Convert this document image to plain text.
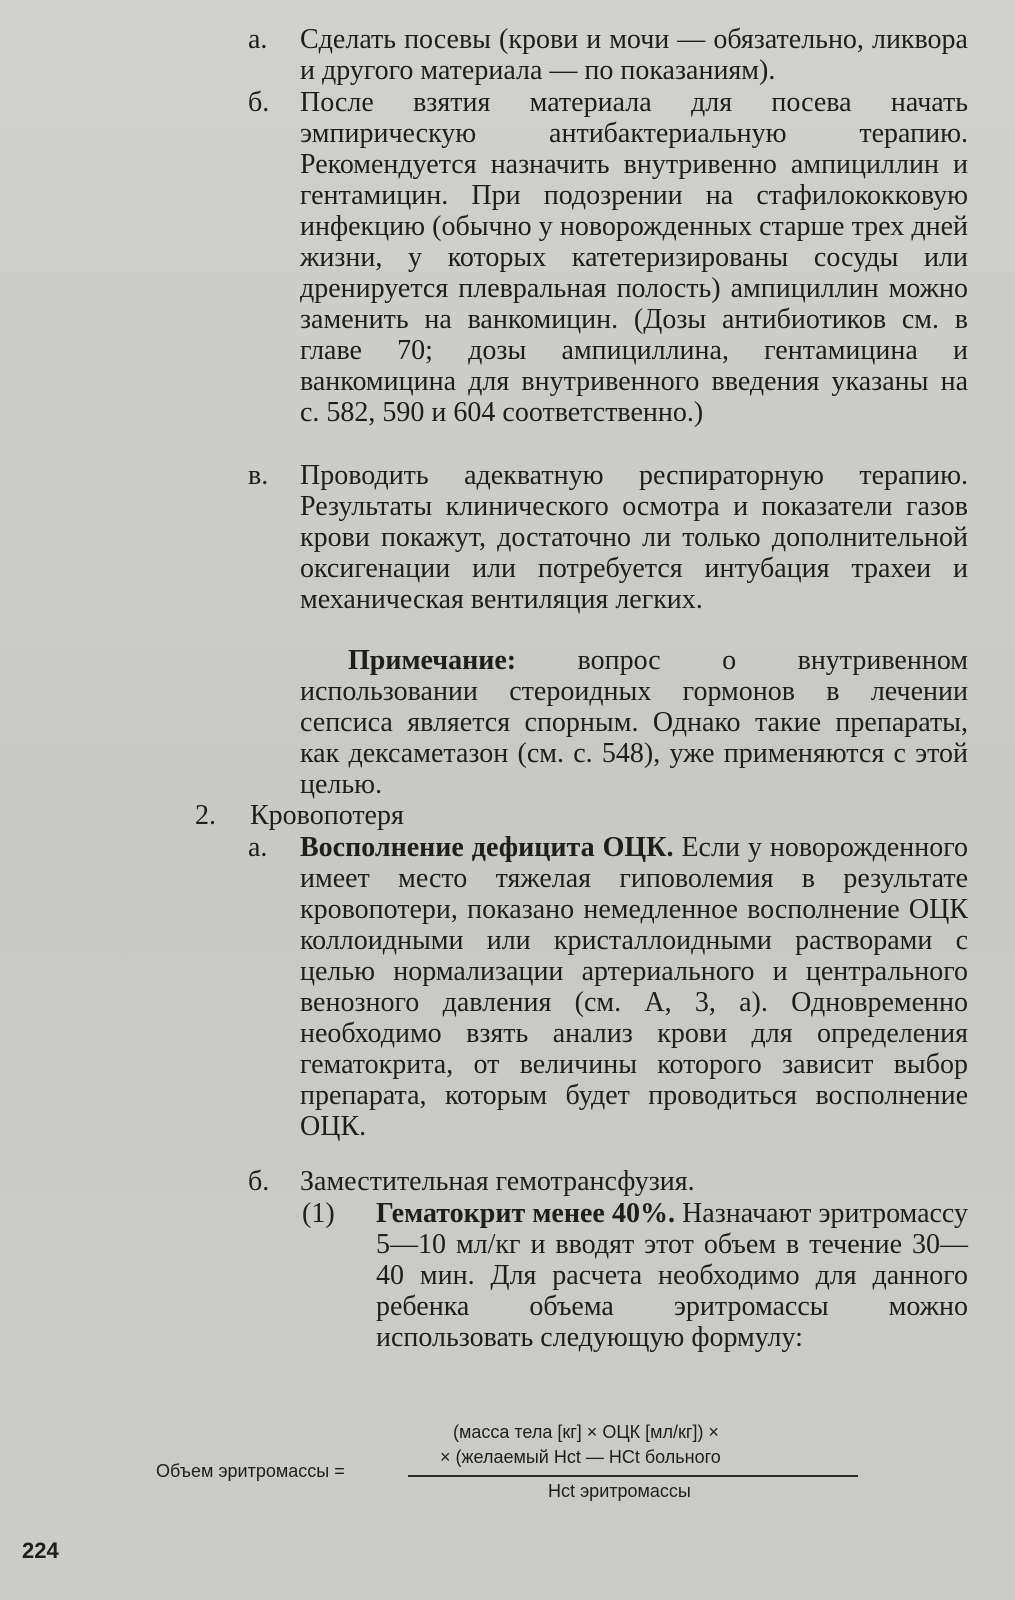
а. Сделать посевы (крови и мочи — обязательно, ликвора и другого материала — по показаниям).
б. После взятия материала для посева начать эмпирическую антибактериальную терапию. Рекомендуется назначить внутривенно ампициллин и гентамицин. При подозрении на стафилококковую инфекцию (обычно у новорожденных старше трех дней жизни, у которых катетеризированы сосуды или дренируется плевральная полость) ампициллин можно заменить на ванкомицин. (Дозы антибиотиков см. в главе 70; дозы ампициллина, гентамицина и ванкомицина для внутривенного введения указаны на с. 582, 590 и 604 соответственно.)
в. Проводить адекватную респираторную терапию. Результаты клинического осмотра и показатели газов крови покажут, достаточно ли только дополнительной оксигенации или потребуется интубация трахеи и механическая вентиляция легких.
Примечание: вопрос о внутривенном использовании стероидных гормонов в лечении сепсиса является спорным. Однако такие препараты, как дексаметазон (см. с. 548), уже применяются с этой целью.
2. Кровопотеря
а. Восполнение дефицита ОЦК. Если у новорожденного имеет место тяжелая гиповолемия в результате кровопотери, показано немедленное восполнение ОЦК коллоидными или кристаллоидными растворами с целью нормализации артериального и центрального венозного давления (см. А, 3, а). Одновременно необходимо взять анализ крови для определения гематокрита, от величины которого зависит выбор препарата, которым будет проводиться восполнение ОЦК.
б. Заместительная гемотрансфузия.
(1) Гематокрит менее 40%. Назначают эритромассу 5—10 мл/кг и вводят этот объем в течение 30—40 мин. Для расчета необходимо для данного ребенка объема эритромассы можно использовать следующую формулу:
Объем эритромассы =
(масса тела [кг] × ОЦК [мл/кг]) ×
× (желаемый Hct — HCt больного
Hct эритромассы
224
